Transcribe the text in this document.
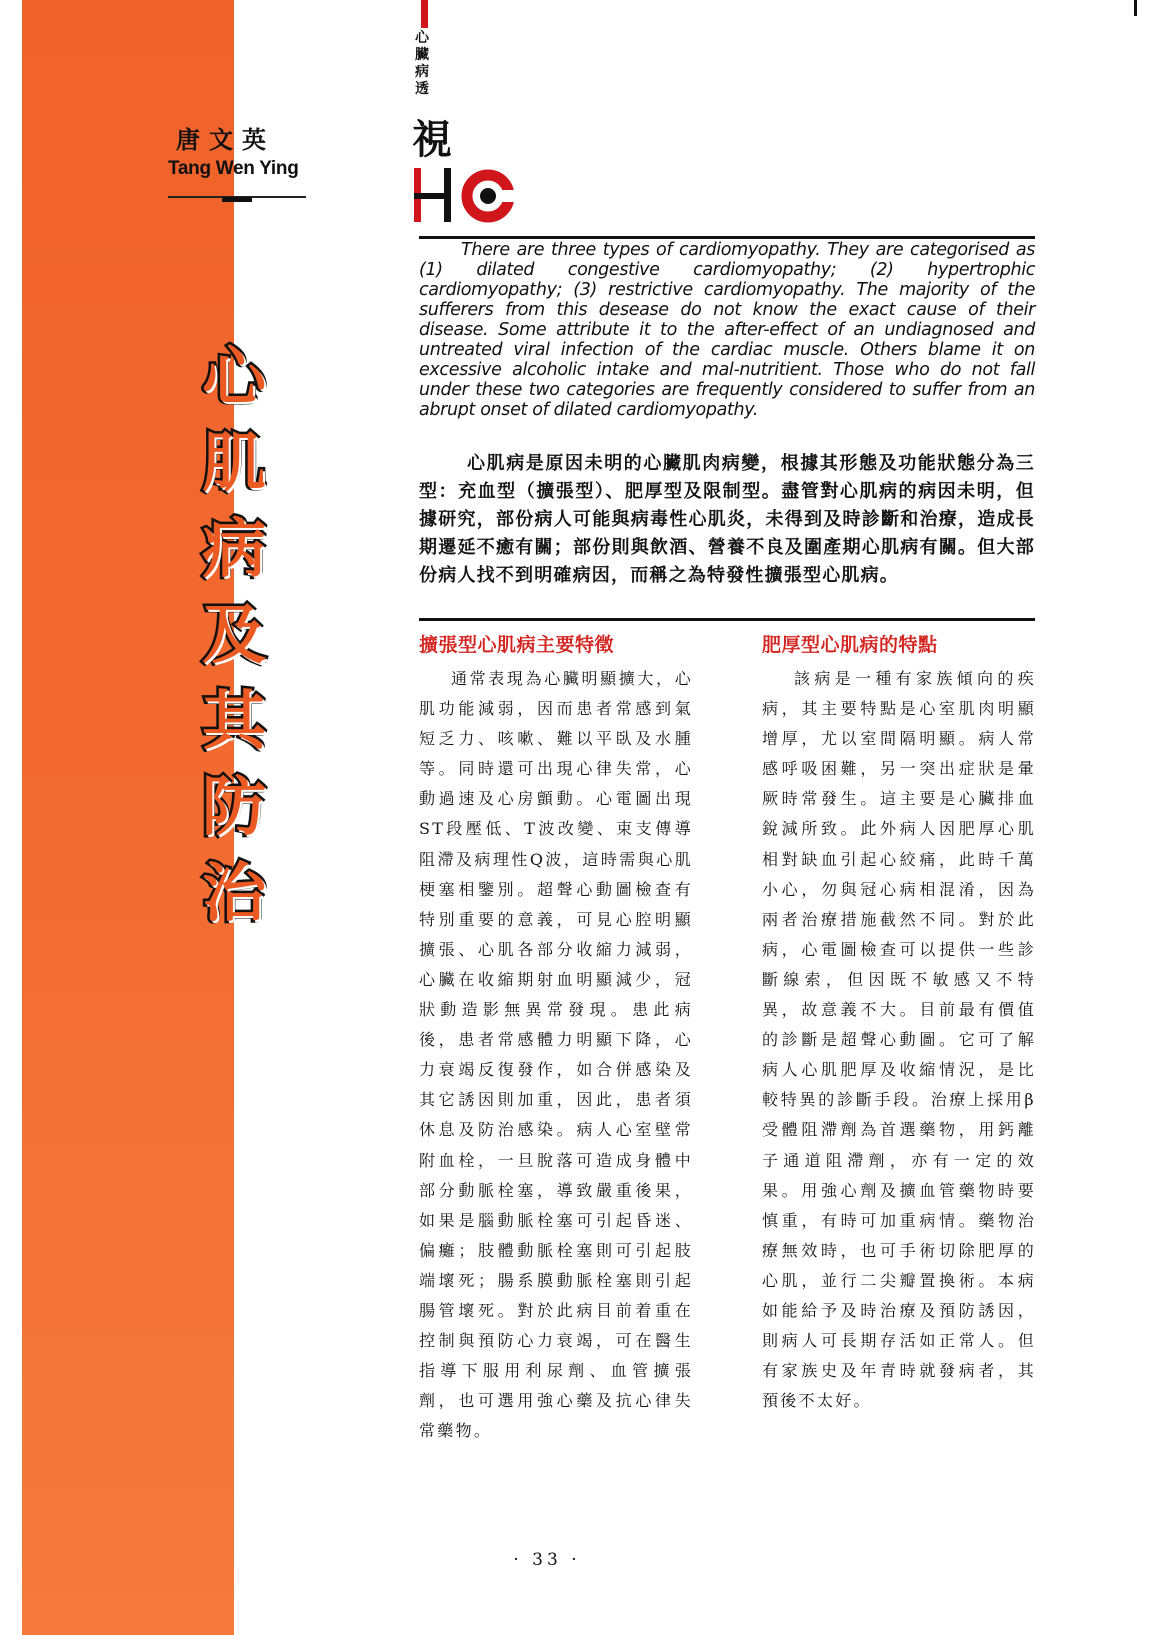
唐文英
Tang Wen Ying
心肌病及其防治
心臟病透
視

There are three types of cardiomyopathy. They are categorised as (1) dilated congestive cardiomyopathy; (2) hypertrophic cardiomyopathy; (3) restrictive cardiomyopathy. The majority of the sufferers from this desease do not know the exact cause of their disease. Some attribute it to the after-effect of an undiagnosed and untreated viral infection of the cardiac muscle. Others blame it on excessive alcoholic intake and mal-nutritient. Those who do not fall under these two categories are frequently considered to suffer from an abrupt onset of dilated cardiomyopathy.

心肌病是原因未明的心臟肌肉病變，根據其形態及功能狀態分為三型：充血型（擴張型）、肥厚型及限制型。盡管對心肌病的病因未明，但據研究，部份病人可能與病毒性心肌炎，未得到及時診斷和治療，造成長期遷延不癒有關；部份則與飲酒、營養不良及圍產期心肌病有關。但大部份病人找不到明確病因，而稱之為特發性擴張型心肌病。

擴張型心肌病主要特徵	肥厚型心肌病的特點

通常表現為心臟明顯擴大，心肌功能減弱，因而患者常感到氣短乏力、咳嗽、難以平臥及水腫等。同時還可出現心律失常，心動過速及心房顫動。心電圖出現ST段壓低、T波改變、束支傳導阻滯及病理性Q波，這時需與心肌梗塞相鑒別。超聲心動圖檢查有特別重要的意義，可見心腔明顯擴張、心肌各部分收縮力減弱，心臟在收縮期射血明顯減少，冠狀動造影無異常發現。患此病後，患者常感體力明顯下降，心力衰竭反復發作，如合併感染及其它誘因則加重，因此，患者須休息及防治感染。病人心室壁常附血栓，一旦脫落可造成身體中部分動脈栓塞，導致嚴重後果，如果是腦動脈栓塞可引起昏迷、偏癱；肢體動脈栓塞則可引起肢端壞死；腸系膜動脈栓塞則引起腸管壞死。對於此病目前着重在控制與預防心力衰竭，可在醫生指導下服用利尿劑、血管擴張劑，也可選用強心藥及抗心律失常藥物。

該病是一種有家族傾向的疾病，其主要特點是心室肌肉明顯增厚，尤以室間隔明顯。病人常感呼吸困難，另一突出症狀是暈厥時常發生。這主要是心臟排血銳減所致。此外病人因肥厚心肌相對缺血引起心絞痛，此時千萬小心，勿與冠心病相混淆，因為兩者治療措施截然不同。對於此病，心電圖檢查可以提供一些診斷線索，但因既不敏感又不特異，故意義不大。目前最有價值的診斷是超聲心動圖。它可了解病人心肌肥厚及收縮情況，是比較特異的診斷手段。治療上採用β受體阻滯劑為首選藥物，用鈣離子通道阻滯劑，亦有一定的效果。用強心劑及擴血管藥物時要慎重，有時可加重病情。藥物治療無效時，也可手術切除肥厚的心肌，並行二尖瓣置換術。本病如能給予及時治療及預防誘因，則病人可長期存活如正常人。但有家族史及年青時就發病者，其預後不太好。

· 33 ·
